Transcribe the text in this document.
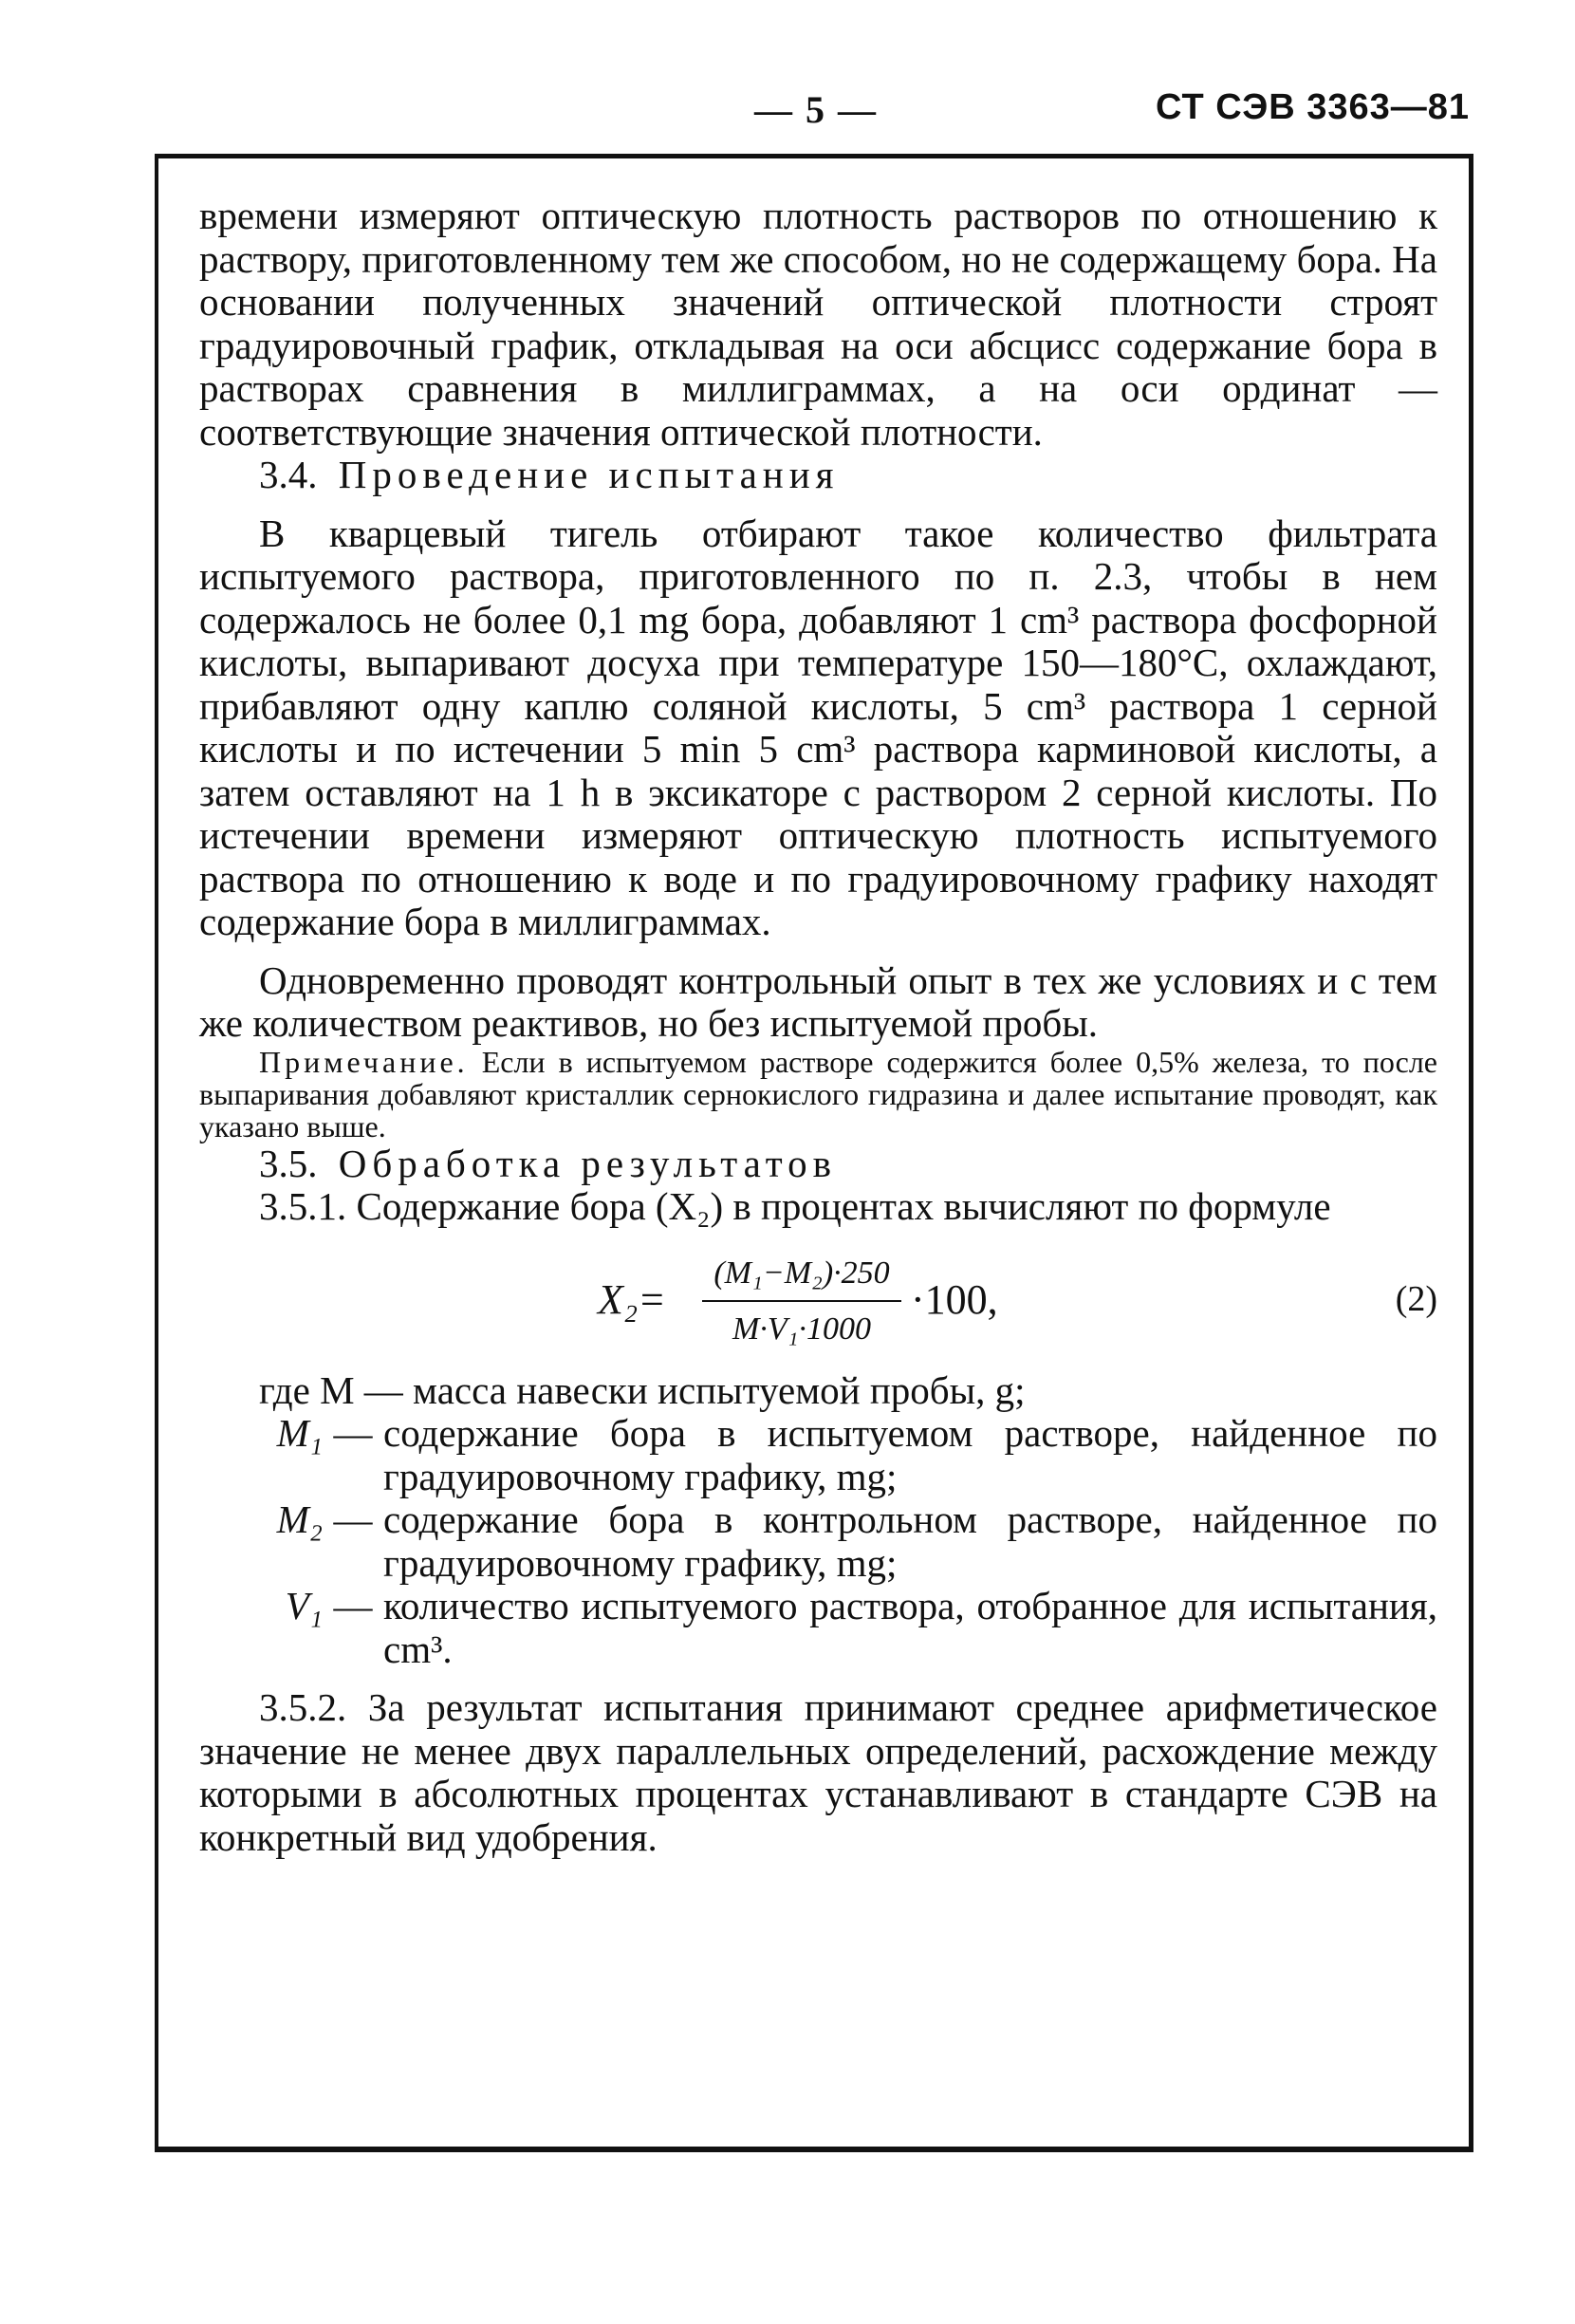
— 5 —	СТ СЭВ 3363—81

времени измеряют оптическую плотность растворов по отношению к раствору, приготовленному тем же способом, но не содержащему бора. На основании полученных значений оптической плотности строят градуировочный график, откладывая на оси абсцисс содержание бора в растворах сравнения в миллиграммах, а на оси ординат — соответствующие значения оптической плотности.

3.4. Проведение испытания

В кварцевый тигель отбирают такое количество фильтрата испытуемого раствора, приготовленного по п. 2.3, чтобы в нем содержалось не более 0,1 mg бора, добавляют 1 cm³ раствора фосфорной кислоты, выпаривают досуха при температуре 150—180°С, охлаждают, прибавляют одну каплю соляной кислоты, 5 cm³ раствора 1 серной кислоты и по истечении 5 min 5 cm³ раствора карминовой кислоты, а затем оставляют на 1 h в эксикаторе с раствором 2 серной кислоты. По истечении времени измеряют оптическую плотность испытуемого раствора по отношению к воде и по градуировочному графику находят содержание бора в миллиграммах.

Одновременно проводят контрольный опыт в тех же условиях и с тем же количеством реактивов, но без испытуемой пробы.

Примечание. Если в испытуемом растворе содержится более 0,5% железа, то после выпаривания добавляют кристаллик сернокислого гидразина и далее испытание проводят, как указано выше.

3.5. Обработка результатов

3.5.1. Содержание бора (X₂) в процентах вычисляют по формуле

$X_2= \frac{\text{(M₁−M₂)·250}}{\text{M·V₁·1000}} \cdot 100$,	(2)

где M — масса навески испытуемой пробы, g;

M₁ — содержание бора в испытуемом растворе, найденное по градуировочному графику, mg;
M₂ — содержание бора в контрольном растворе, найденное по градуировочному графику, mg;
V₁ — количество испытуемого раствора, отобранное для испытания, cm³.

3.5.2. За результат испытания принимают среднее арифметическое значение не менее двух параллельных определений, расхождение между которыми в абсолютных процентах устанавливают в стандарте СЭВ на конкретный вид удобрения.
